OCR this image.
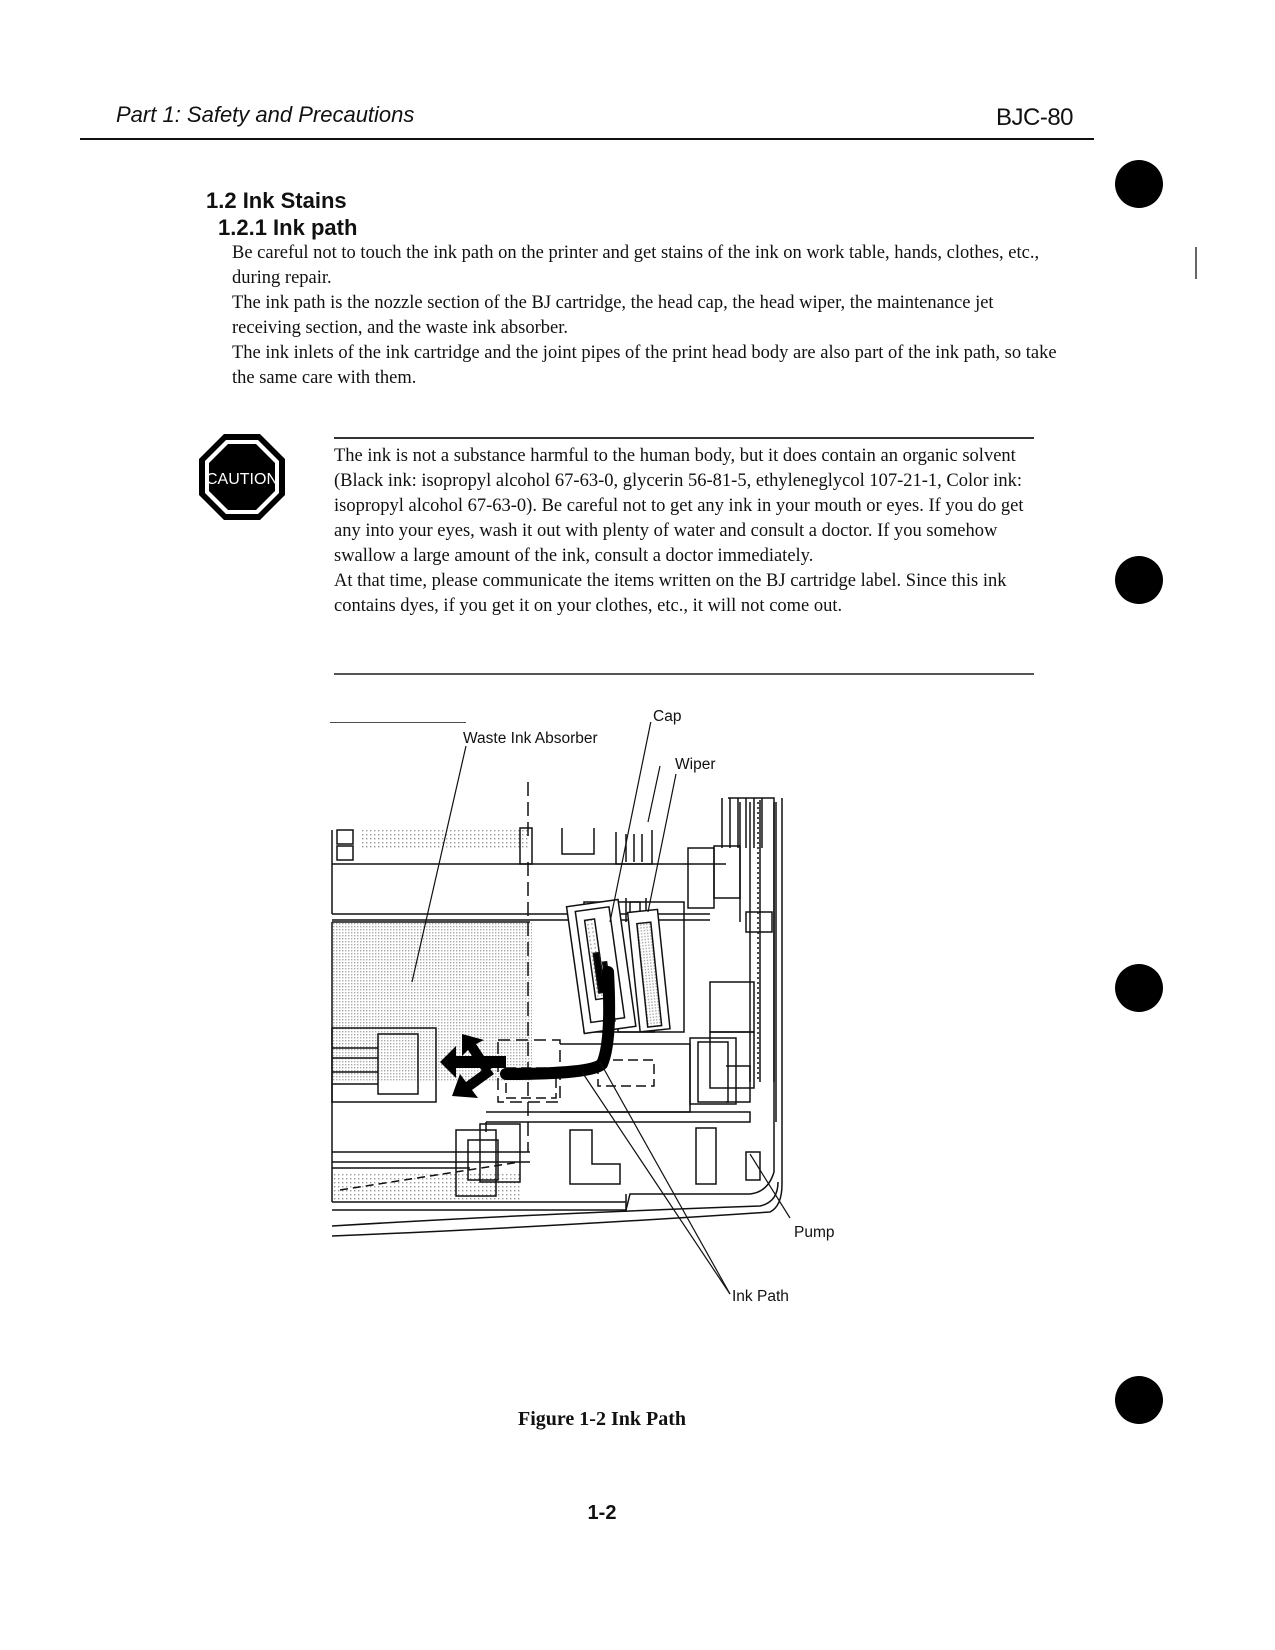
Part 1: Safety and Precautions	BJC-80
1.2 Ink Stains
1.2.1 Ink path

Be careful not to touch the ink path on the printer and get stains of the ink on work table, hands, clothes, etc., during repair.

The ink path is the nozzle section of the BJ cartridge, the head cap, the head wiper, the maintenance jet receiving section, and the waste ink absorber.

The ink inlets of the ink cartridge and the joint pipes of the print head body are also part of the ink path, so take the same care with them.

CAUTION
The ink is not a substance harmful to the human body, but it does contain an organic solvent (Black ink: isopropyl alcohol 67-63-0, glycerin 56-81-5, ethyleneglycol 107-21-1, Color ink: isopropyl alcohol 67-63-0). Be careful not to get any ink in your mouth or eyes. If you do get any into your eyes, wash it out with plenty of water and consult a doctor. If you somehow swallow a large amount of the ink, consult a doctor immediately.
At that time, please communicate the items written on the BJ cartridge label. Since this ink contains dyes, if you get it on your clothes, etc., it will not come out.
Cap
Waste Ink Absorber
Wiper
Pump
Ink Path
Figure 1-2 Ink Path
1-2
